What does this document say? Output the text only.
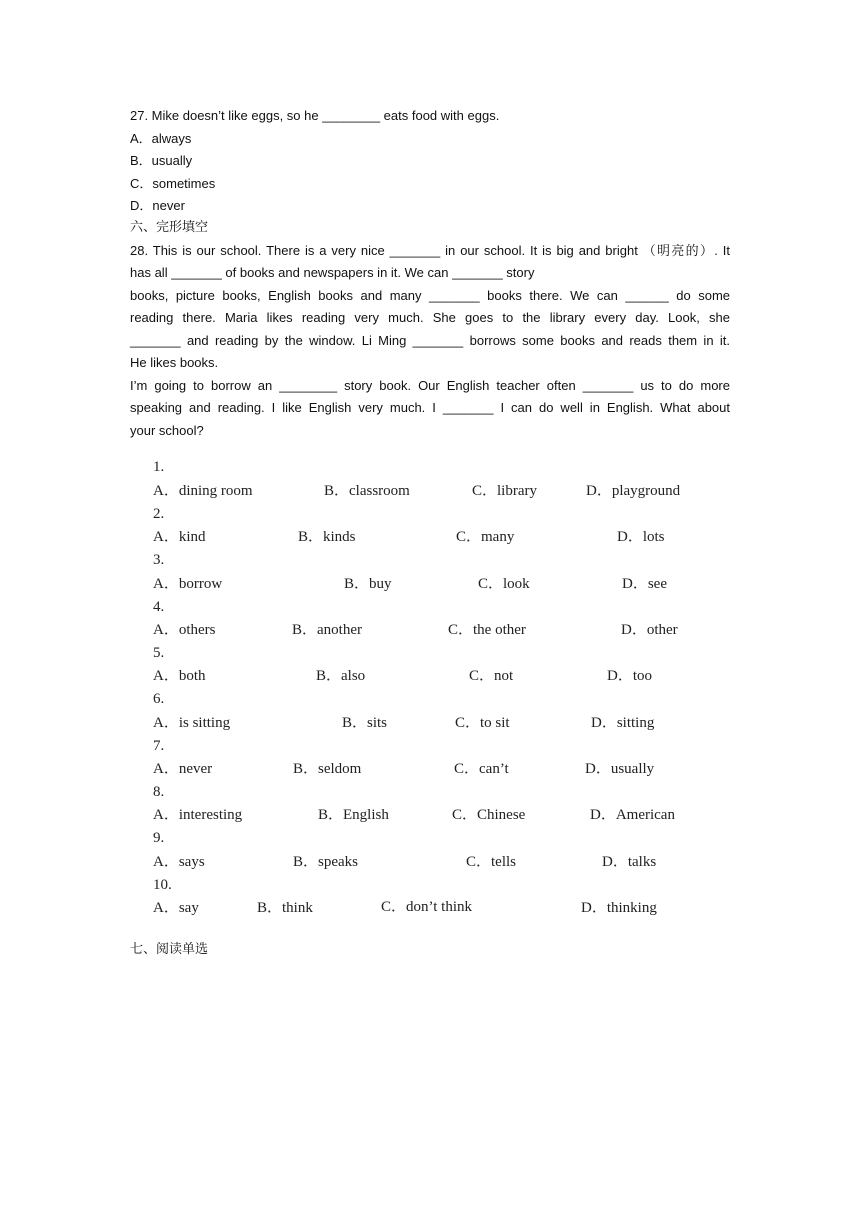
27. Mike doesn’t like eggs, so he ________ eats food with eggs.
A．always
B．usually
C．sometimes
D．never
六、完形填空
28. This is our school. There is a very nice _______ in our school. It is big and bright （明亮的）. It
has all _______ of books and newspapers in it. We can _______ story
books, picture books, English books and many _______ books there. We can ______ do some
reading there. Maria likes reading very much. She goes to the library every day. Look, she
_______ and reading by the window. Li Ming _______ borrows some books and reads them in it.
He likes books.
I’m going to borrow an ________ story book. Our English teacher often _______ us to do more
speaking and reading. I like English very much. I _______ I can do well in English. What about
your school?
1.
A．dining room	B．classroom	C．library	D．playground
2.
A．kind	B．kinds	C．many	D．lots
3.
A．borrow	B．buy	C．look	D．see
4.
A．others	B．another	C．the other	D．other
5.
A．both	B．also	C．not	D．too
6.
A．is sitting	B．sits	C．to sit	D．sitting
7.
A．never	B．seldom	C．can’t	D．usually
8.
A．interesting	B．English	C．Chinese	D．American
9.
A．says	B．speaks	C．tells	D．talks
10.
A．say	B．think	C．don’t think	D．thinking
七、阅读单选
